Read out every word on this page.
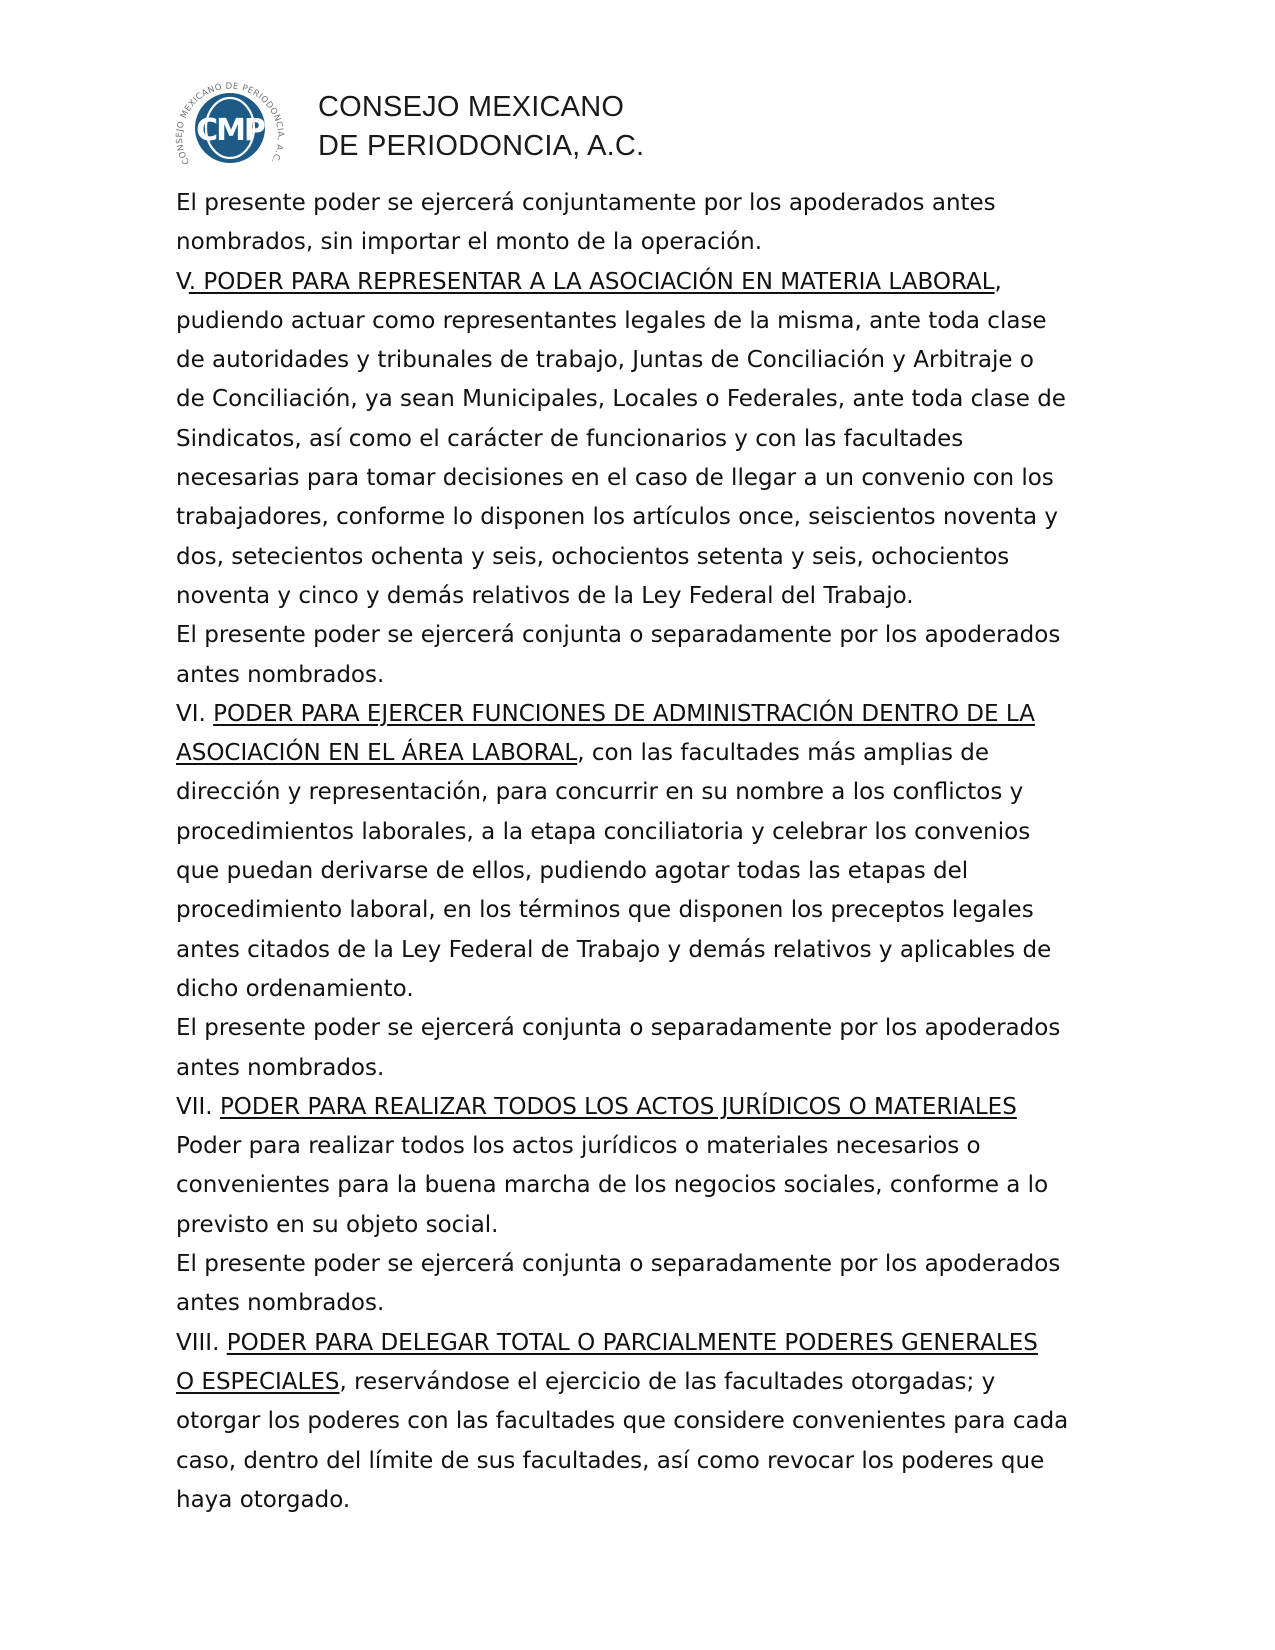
CONSEJO MEXICANO DE PERIODONCIA, A.C.
CMP
CONSEJO MEXICANO
DE PERIODONCIA, A.C.
El presente poder se ejercerá conjuntamente por los apoderados antes
nombrados, sin importar el monto de la operación.
V. PODER PARA REPRESENTAR A LA ASOCIACIÓN EN MATERIA LABORAL,
pudiendo actuar como representantes legales de la misma, ante toda clase
de autoridades y tribunales de trabajo, Juntas de Conciliación y Arbitraje o
de Conciliación, ya sean Municipales, Locales o Federales, ante toda clase de
Sindicatos, así como el carácter de funcionarios y con las facultades
necesarias para tomar decisiones en el caso de llegar a un convenio con los
trabajadores, conforme lo disponen los artículos once, seiscientos noventa y
dos, setecientos ochenta y seis, ochocientos setenta y seis, ochocientos
noventa y cinco y demás relativos de la Ley Federal del Trabajo.
El presente poder se ejercerá conjunta o separadamente por los apoderados
antes nombrados.
VI. PODER PARA EJERCER FUNCIONES DE ADMINISTRACIÓN DENTRO DE LA
ASOCIACIÓN EN EL ÁREA LABORAL, con las facultades más amplias de
dirección y representación, para concurrir en su nombre a los conflictos y
procedimientos laborales, a la etapa conciliatoria y celebrar los convenios
que puedan derivarse de ellos, pudiendo agotar todas las etapas del
procedimiento laboral, en los términos que disponen los preceptos legales
antes citados de la Ley Federal de Trabajo y demás relativos y aplicables de
dicho ordenamiento.
El presente poder se ejercerá conjunta o separadamente por los apoderados
antes nombrados.
VII. PODER PARA REALIZAR TODOS LOS ACTOS JURÍDICOS O MATERIALES
Poder para realizar todos los actos jurídicos o materiales necesarios o
convenientes para la buena marcha de los negocios sociales, conforme a lo
previsto en su objeto social.
El presente poder se ejercerá conjunta o separadamente por los apoderados
antes nombrados.
VIII. PODER PARA DELEGAR TOTAL O PARCIALMENTE PODERES GENERALES
O ESPECIALES, reservándose el ejercicio de las facultades otorgadas; y
otorgar los poderes con las facultades que considere convenientes para cada
caso, dentro del límite de sus facultades, así como revocar los poderes que
haya otorgado.
